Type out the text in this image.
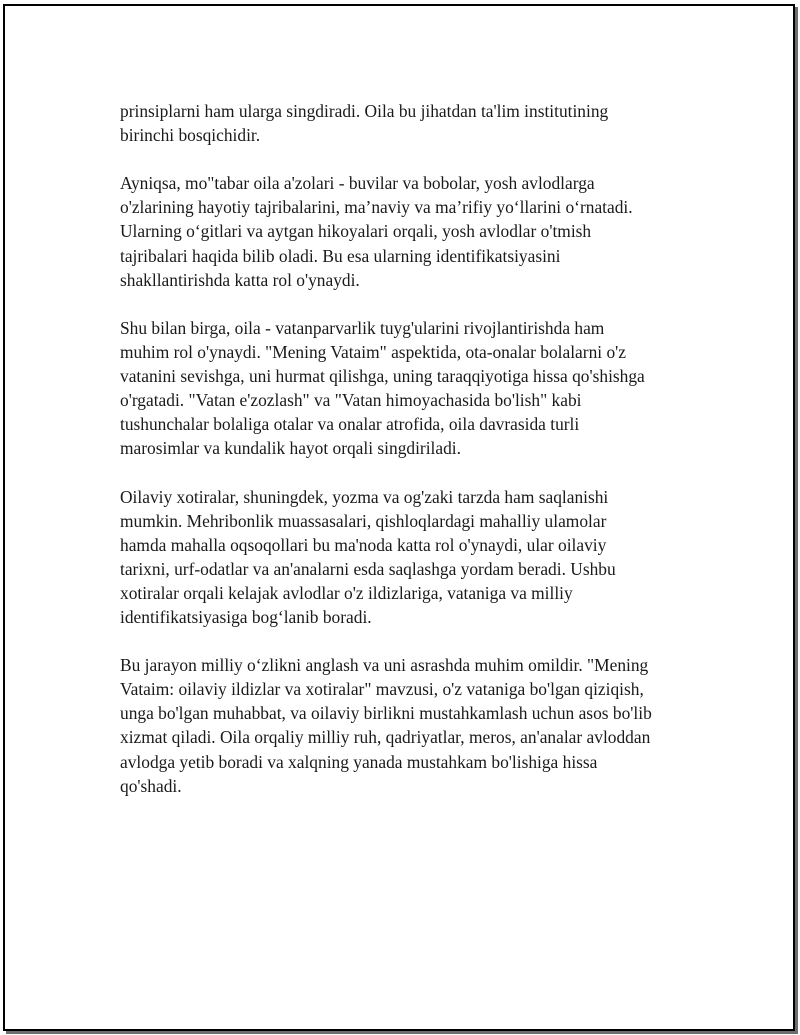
prinsiplarni ham ularga singdiradi. Oila bu jihatdan ta'lim institutining
birinchi bosqichidir.

Ayniqsa, mo"tabar oila a'zolari - buvilar va bobolar, yosh avlodlarga
o'zlarining hayotiy tajribalarini, ma’naviy va ma’rifiy yo‘llarini o‘rnatadi.
Ularning o‘gitlari va aytgan hikoyalari orqali, yosh avlodlar o'tmish
tajribalari haqida bilib oladi. Bu esa ularning identifikatsiyasini
shakllantirishda katta rol o'ynaydi.

Shu bilan birga, oila - vatanparvarlik tuyg'ularini rivojlantirishda ham
muhim rol o'ynaydi. "Mening Vataim" aspektida, ota-onalar bolalarni o'z
vatanini sevishga, uni hurmat qilishga, uning taraqqiyotiga hissa qo'shishga
o'rgatadi. "Vatan e'zozlash" va "Vatan himoyachasida bo'lish" kabi
tushunchalar bolaliga otalar va onalar atrofida, oila davrasida turli
marosimlar va kundalik hayot orqali singdiriladi.

Oilaviy xotiralar, shuningdek, yozma va og'zaki tarzda ham saqlanishi
mumkin. Mehribonlik muassasalari, qishloqlardagi mahalliy ulamolar
hamda mahalla oqsoqollari bu ma'noda katta rol o'ynaydi, ular oilaviy
tarixni, urf-odatlar va an'analarni esda saqlashga yordam beradi. Ushbu
xotiralar orqali kelajak avlodlar o'z ildizlariga, vataniga va milliy
identifikatsiyasiga bog‘lanib boradi.

Bu jarayon milliy o‘zlikni anglash va uni asrashda muhim omildir. "Mening
Vataim: oilaviy ildizlar va xotiralar" mavzusi, o'z vataniga bo'lgan qiziqish,
unga bo'lgan muhabbat, va oilaviy birlikni mustahkamlash uchun asos bo'lib
xizmat qiladi. Oila orqaliy milliy ruh, qadriyatlar, meros, an'analar avloddan
avlodga yetib boradi va xalqning yanada mustahkam bo'lishiga hissa
qo'shadi.
